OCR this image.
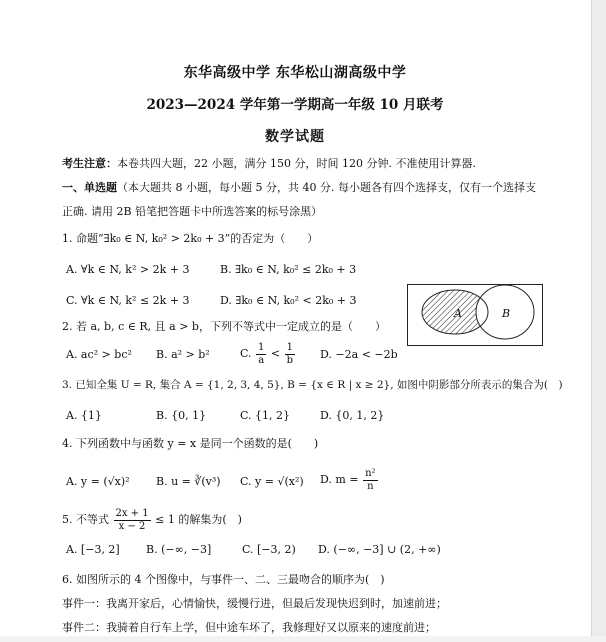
东华高级中学 东华松山湖高级中学
2023—2024 学年第一学期高一年级 10 月联考
数学试题
考生注意：本卷共四大题，22 小题，满分 150 分，时间 120 分钟. 不准使用计算器.
一、单选题（本大题共 8 小题，每小题 5 分，共 40 分. 每小题各有四个选择支，仅有一个选择支
正确. 请用 2B 铅笔把答题卡中所选答案的标号涂黑）
1. 命题“∃k₀ ∈ N, k₀² > 2k₀ + 3”的否定为（　　）
A. ∀k ∈ N, k² > 2k + 3	B. ∃k₀ ∈ N, k₀² ≤ 2k₀ + 3
C. ∀k ∈ N, k² ≤ 2k + 3	D. ∃k₀ ∈ N, k₀² < 2k₀ + 3
A	B
2. 若 a, b, c ∈ R, 且 a > b，下列不等式中一定成立的是（　　）
A. ac² > bc² B. a² > b²	C. $\frac{1}{a} < \frac{1}{b} D$. −2a < −2b
3. 已知全集 U = R, 集合 A = {1, 2, 3, 4, 5}, B = {x ∈ R | x ≥ 2}, 如图中阴影部分所表示的集合为(　)
A. {1}	B. {0, 1}	C. {1, 2}	D. {0, 1, 2}
4. 下列函数中与函数 y = x 是同一个函数的是(　　)
A. y = (√x)² B. u = ∛(v³) C. y = √(x²) D. $m = \frac{\text{n²}}{n}$
5. 不等式 $\frac{2x + 1}{x - 2} \le 1$ 的解集为(　)
A. [−3, 2] B. (−∞, −3]	C. [−3, 2) D. (−∞, −3] ∪ (2, +∞)
6. 如图所示的 4 个图像中，与事件一、二、三最吻合的顺序为(　)
事件一：我离开家后，心情愉快，缓慢行进，但最后发现快迟到时，加速前进；
事件二：我骑着自行车上学，但中途车坏了，我修理好又以原来的速度前进；
